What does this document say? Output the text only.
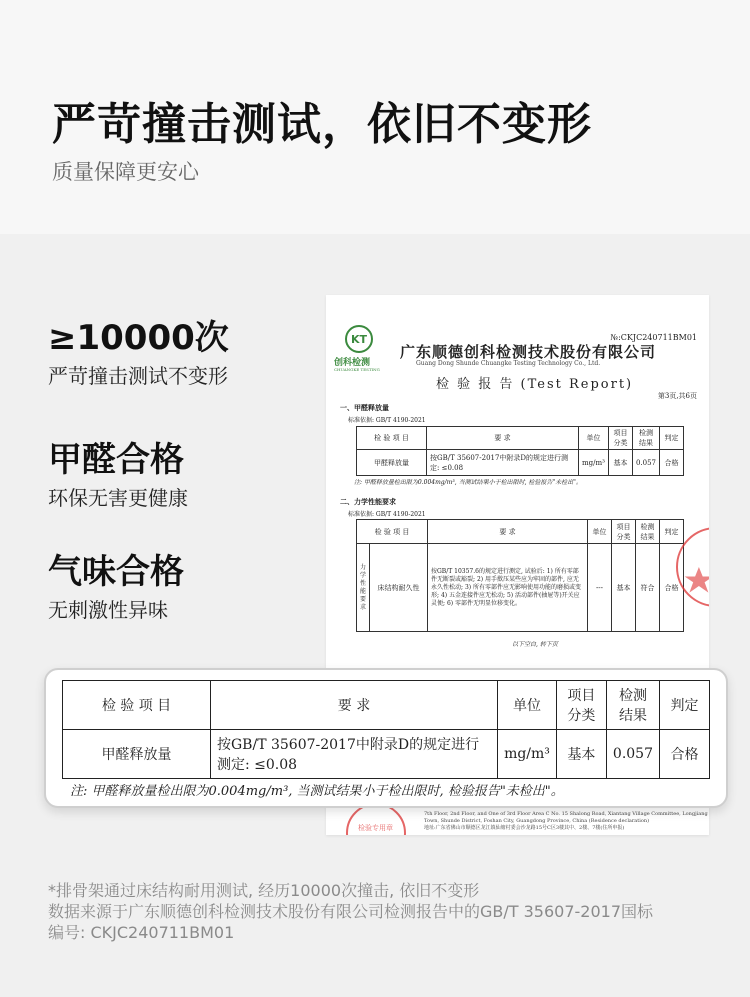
严苛撞击测试，依旧不变形
质量保障更安心
≥10000次
严苛撞击测试不变形
甲醛合格
环保无害更健康
气味合格
无刺激性异味
№:CKJC240711BM01
KT
创科检测
CHUANGKE TESTING
广东顺德创科检测技术股份有限公司
Guang Dong Shunde Chuangke Testing Technology Co., Ltd.
检 验 报 告 (Test Report)
第3页,共6页
一、甲醛释放量
标准依据: GB/T 4190-2021
检 验 项 目	要 求	单位	项目分类	检测结果	判定
甲醛释放量	按GB/T 35607-2017中附录D的规定进行测定: ≤0.08	mg/m³	基本	0.057	合格
注: 甲醛释放量检出限为0.004mg/m³, 当测试结果小于检出限时, 检验报告"未检出"。
二、力学性能要求
标准依据: GB/T 4190-2021
检 验 项 目		要 求	单位	项目分类	检测结果	判定
力学性能要求	床结构耐久性	按GB/T 10357.6的规定进行测定, 试验后: 1) 所有零部件无断裂或豁裂; 2) 用手揿压某些应为牢固的部件, 应无永久性松动; 3) 所有零部件应无影响使用功能的磨损或变形; 4) 五金连接件应无松动; 5) 活动部件(抽屉等)开关应灵便; 6) 零部件无明显位移变化。	---	基本	符合	合格
以下空白, 转下页
检验专用章
7th Floor, 2nd Floor, and One of 3rd Floor Area C No. 15 Shalong Road, Xiantang Village Committee, Longjiang Town, Shunde District, Foshan City, Guangdong Province, China (Residence declaration)
地址:广东省佛山市顺德区龙江镇仙塘村委会沙龙路15号C区3楼其中、2楼、7楼(住所申报)
检 验 项 目	要 求	单位	项目分类	检测结果	判定
甲醛释放量	按GB/T 35607-2017中附录D的规定进行测定: ≤0.08	mg/m³	基本	0.057	合格
注: 甲醛释放量检出限为0.004mg/m³, 当测试结果小于检出限时, 检验报告"未检出"。
*排骨架通过床结构耐用测试, 经历10000次撞击, 依旧不变形
数据来源于广东顺德创科检测技术股份有限公司检测报告中的GB/T 35607-2017国标
编号: CKJC240711BM01
